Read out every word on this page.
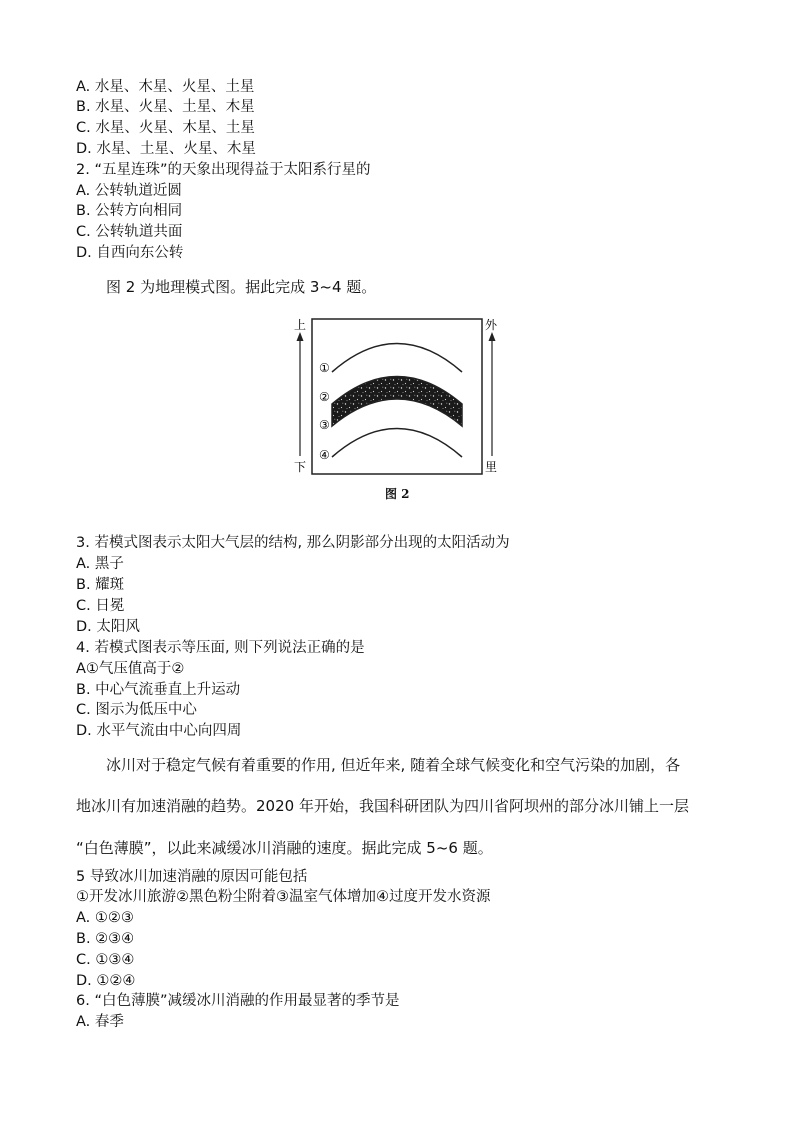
A. 水星、木星、火星、土星
B. 水星、火星、土星、木星
C. 水星、火星、木星、土星
D. 水星、土星、火星、木星
2. “五星连珠”的天象出现得益于太阳系行星的
A. 公转轨道近圆
B. 公转方向相同
C. 公转轨道共面
D. 自西向东公转
图 2 为地理模式图。据此完成 3~4 题。
上
下
外
里
①
②
③
④
图 2
3. 若模式图表示太阳大气层的结构, 那么阴影部分出现的太阳活动为
A. 黑子
B. 耀斑
C. 日冕
D. 太阳风
4. 若模式图表示等压面, 则下列说法正确的是
A①气压值高于②
B. 中心气流垂直上升运动
C. 图示为低压中心
D. 水平气流由中心向四周
冰川对于稳定气候有着重要的作用, 但近年来, 随着全球气候变化和空气污染的加剧，各
地冰川有加速消融的趋势。2020 年开始，我国科研团队为四川省阿坝州的部分冰川铺上一层
“白色薄膜”，以此来减缓冰川消融的速度。据此完成 5~6 题。
5 导致冰川加速消融的原因可能包括
①开发冰川旅游②黑色粉尘附着③温室气体增加④过度开发水资源
A. ①②③
B. ②③④
C. ①③④
D. ①②④
6. “白色薄膜”减缓冰川消融的作用最显著的季节是
A. 春季
